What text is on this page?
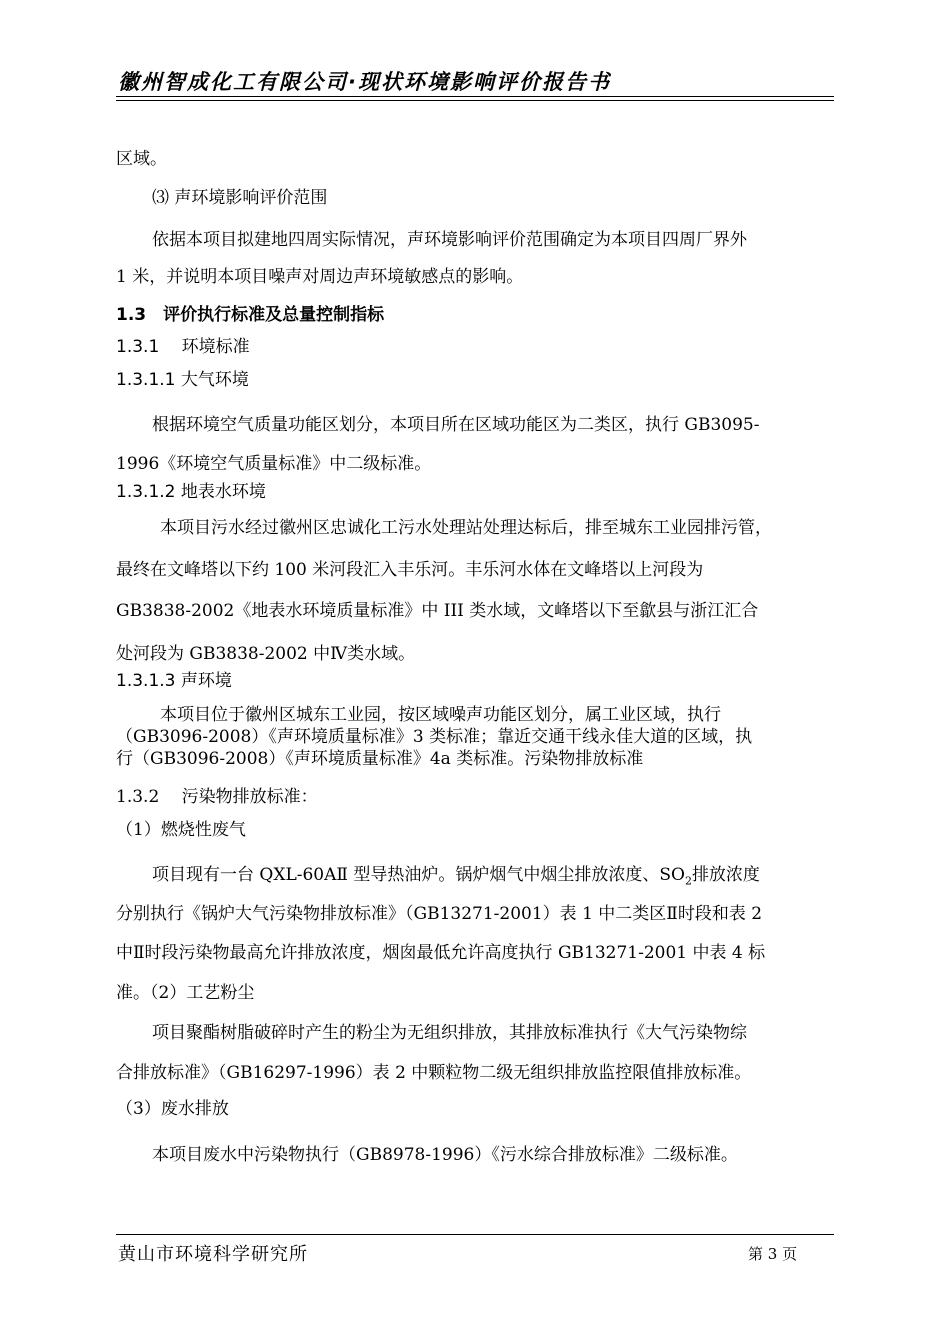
徽州智成化工有限公司·现状环境影响评价报告书
区域。
⑶ 声环境影响评价范围
依据本项目拟建地四周实际情况，声环境影响评价范围确定为本项目四周厂界外
1 米，并说明本项目噪声对周边声环境敏感点的影响。
1.3　评价执行标准及总量控制指标
1.3.1　 环境标准
1.3.1.1 大气环境
根据环境空气质量功能区划分，本项目所在区域功能区为二类区，执行 GB3095-
1996《环境空气质量标准》中二级标准。
1.3.1.2 地表水环境
本项目污水经过徽州区忠诚化工污水处理站处理达标后，排至城东工业园排污管，
最终在文峰塔以下约 100 米河段汇入丰乐河。丰乐河水体在文峰塔以上河段为
GB3838-2002《地表水环境质量标准》中 III 类水域，文峰塔以下至歙县与浙江汇合
处河段为 GB3838-2002 中Ⅳ类水域。
1.3.1.3 声环境
本项目位于徽州区城东工业园，按区域噪声功能区划分，属工业区域，执行
（GB3096-2008）《声环境质量标准》3 类标准；靠近交通干线永佳大道的区域，执
行（GB3096-2008）《声环境质量标准》4a 类标准。污染物排放标准
1.3.2　 污染物排放标准：
（1）燃烧性废气
项目现有一台 QXL-60AⅡ 型导热油炉。锅炉烟气中烟尘排放浓度、$SO_2$排放浓度
分别执行《锅炉大气污染物排放标准》（GB13271-2001）表 1 中二类区Ⅱ时段和表 2
中Ⅱ时段污染物最高允许排放浓度，烟囱最低允许高度执行 GB13271-2001 中表 4 标
准。（2）工艺粉尘
项目聚酯树脂破碎时产生的粉尘为无组织排放，其排放标准执行《大气污染物综
合排放标准》（GB16297-1996）表 2 中颗粒物二级无组织排放监控限值排放标准。
（3）废水排放
本项目废水中污染物执行（GB8978-1996）《污水综合排放标准》二级标准。
黄山市环境科学研究所	第 3 页
